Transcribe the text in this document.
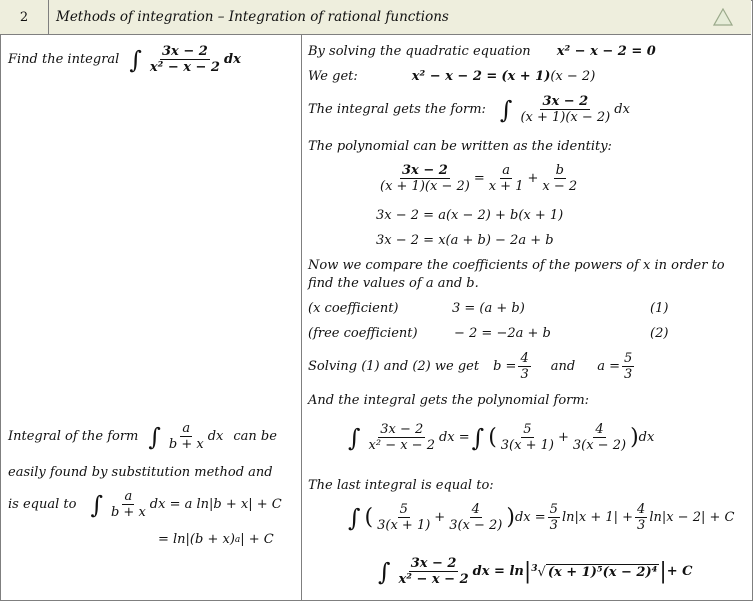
2	Methods of integration – Integration of rational functions
Find the integral ∫ $\frac{3x - 2}{\text{x² − x − 2}}$ dx
Integral of the form ∫ $\frac{a}{b + x}$ dx can be
easily found by substitution method and
is equal to ∫ $\frac{a}{b + x}$ dx = a ln|b + x| + C
= ln|(b + x) a | + C
By solving the quadratic equation x² − x − 2 = 0
We get:	x² − x − 2 = (x + 1) (x − 2)
The integral gets the form: ∫ $\frac{3x - 2}{(x + 1)(x - 2)}$ dx
The polynomial can be written as the identity:
$\frac{3x - 2}{(x + 1)(x - 2)} = \frac{a}{x + 1} + \frac{b}{x - 2}$
3x − 2 = a(x − 2) + b(x + 1)
3x − 2 = x(a + b) − 2a + b
Now we compare the coefficients of the powers of x in order to
find the values of a and b.
(x coefficient)	3 = (a + b)	(1)
(free coefficient)	− 2 = −2a + b	(2)
Solving (1) and (2) we get $b = \frac{4}{3}$ and $a = \frac{5}{3}$
And the integral gets the polynomial form:
∫ $\frac{3x - 2}{\text{x² − x − 2}}$ dx = ∫ ( $\frac{5}{3(x + 1)} + \frac{4}{3(x - 2)}$ ) dx
The last integral is equal to:
∫ ( $\frac{5}{3(x + 1)} + \frac{4}{3(x - 2)}$ ) dx = $\frac{5}{3} \ln|x + 1| + \frac{4}{3} \ln|x - 2| + C$
∫ $\frac{3x - 2}{\text{x² − x − 2}}$ dx = ln | 3 √ (x + 1)⁵(x − 2)⁴ | + C
